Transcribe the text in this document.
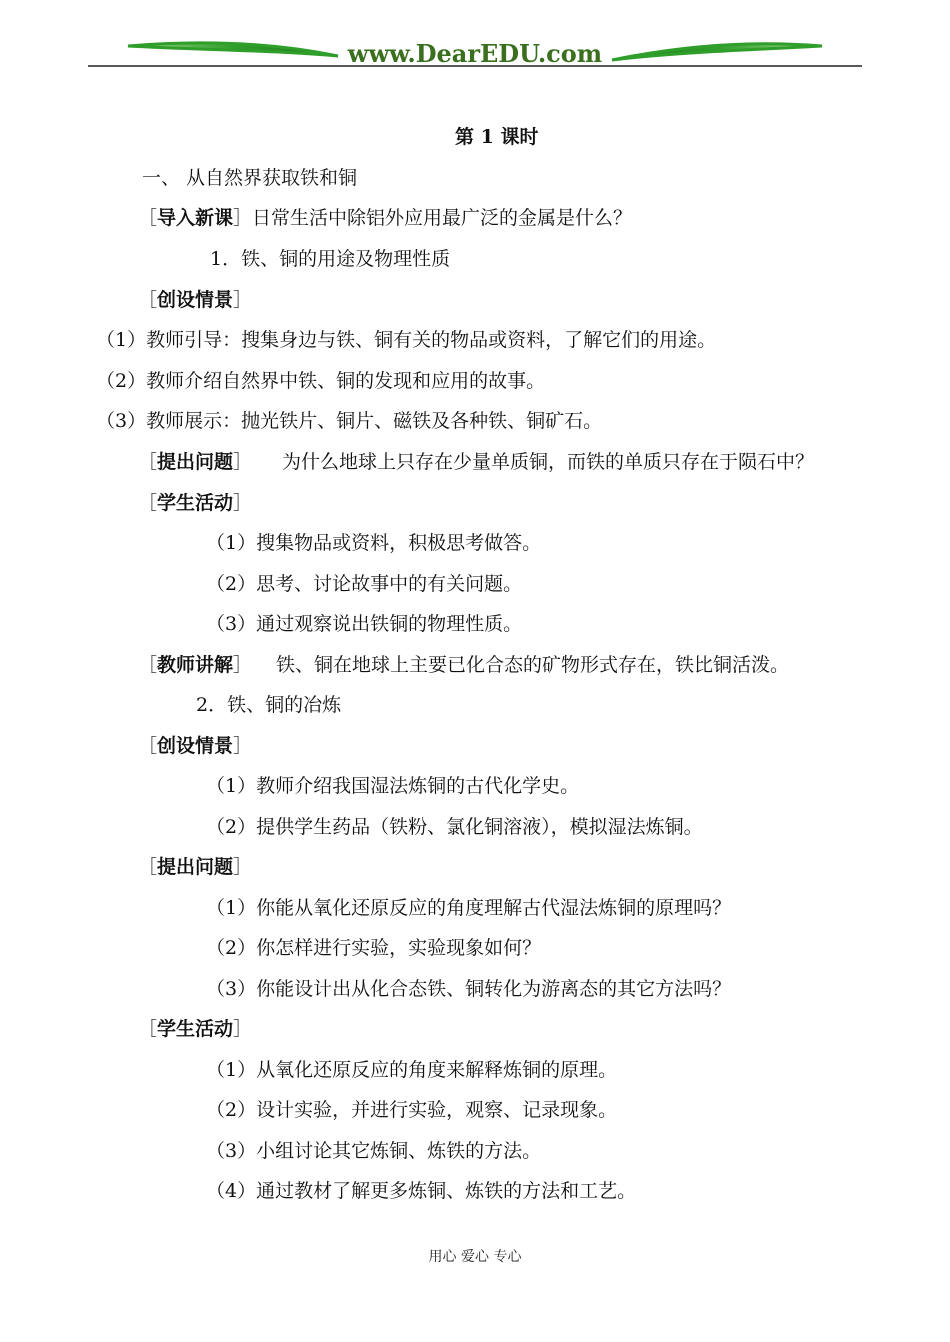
www.DearEDU.com
第 1 课时
一、 从自然界获取铁和铜
［导入新课］日常生活中除铝外应用最广泛的金属是什么？
1．铁、铜的用途及物理性质
［创设情景］
（1）教师引导：搜集身边与铁、铜有关的物品或资料，了解它们的用途。
（2）教师介绍自然界中铁、铜的发现和应用的故事。
（3）教师展示：抛光铁片、铜片、磁铁及各种铁、铜矿石。
［提出问题］ 为什么地球上只存在少量单质铜，而铁的单质只存在于陨石中？
［学生活动］
（1）搜集物品或资料，积极思考做答。
（2）思考、讨论故事中的有关问题。
（3）通过观察说出铁铜的物理性质。
［教师讲解］ 铁、铜在地球上主要已化合态的矿物形式存在，铁比铜活泼。
2．铁、铜的冶炼
［创设情景］
（1）教师介绍我国湿法炼铜的古代化学史。
（2）提供学生药品（铁粉、氯化铜溶液），模拟湿法炼铜。
［提出问题］
（1）你能从氧化还原反应的角度理解古代湿法炼铜的原理吗？
（2）你怎样进行实验，实验现象如何？
（3）你能设计出从化合态铁、铜转化为游离态的其它方法吗？
［学生活动］
（1）从氧化还原反应的角度来解释炼铜的原理。
（2）设计实验，并进行实验，观察、记录现象。
（3）小组讨论其它炼铜、炼铁的方法。
（4）通过教材了解更多炼铜、炼铁的方法和工艺。
用心 爱心 专心
